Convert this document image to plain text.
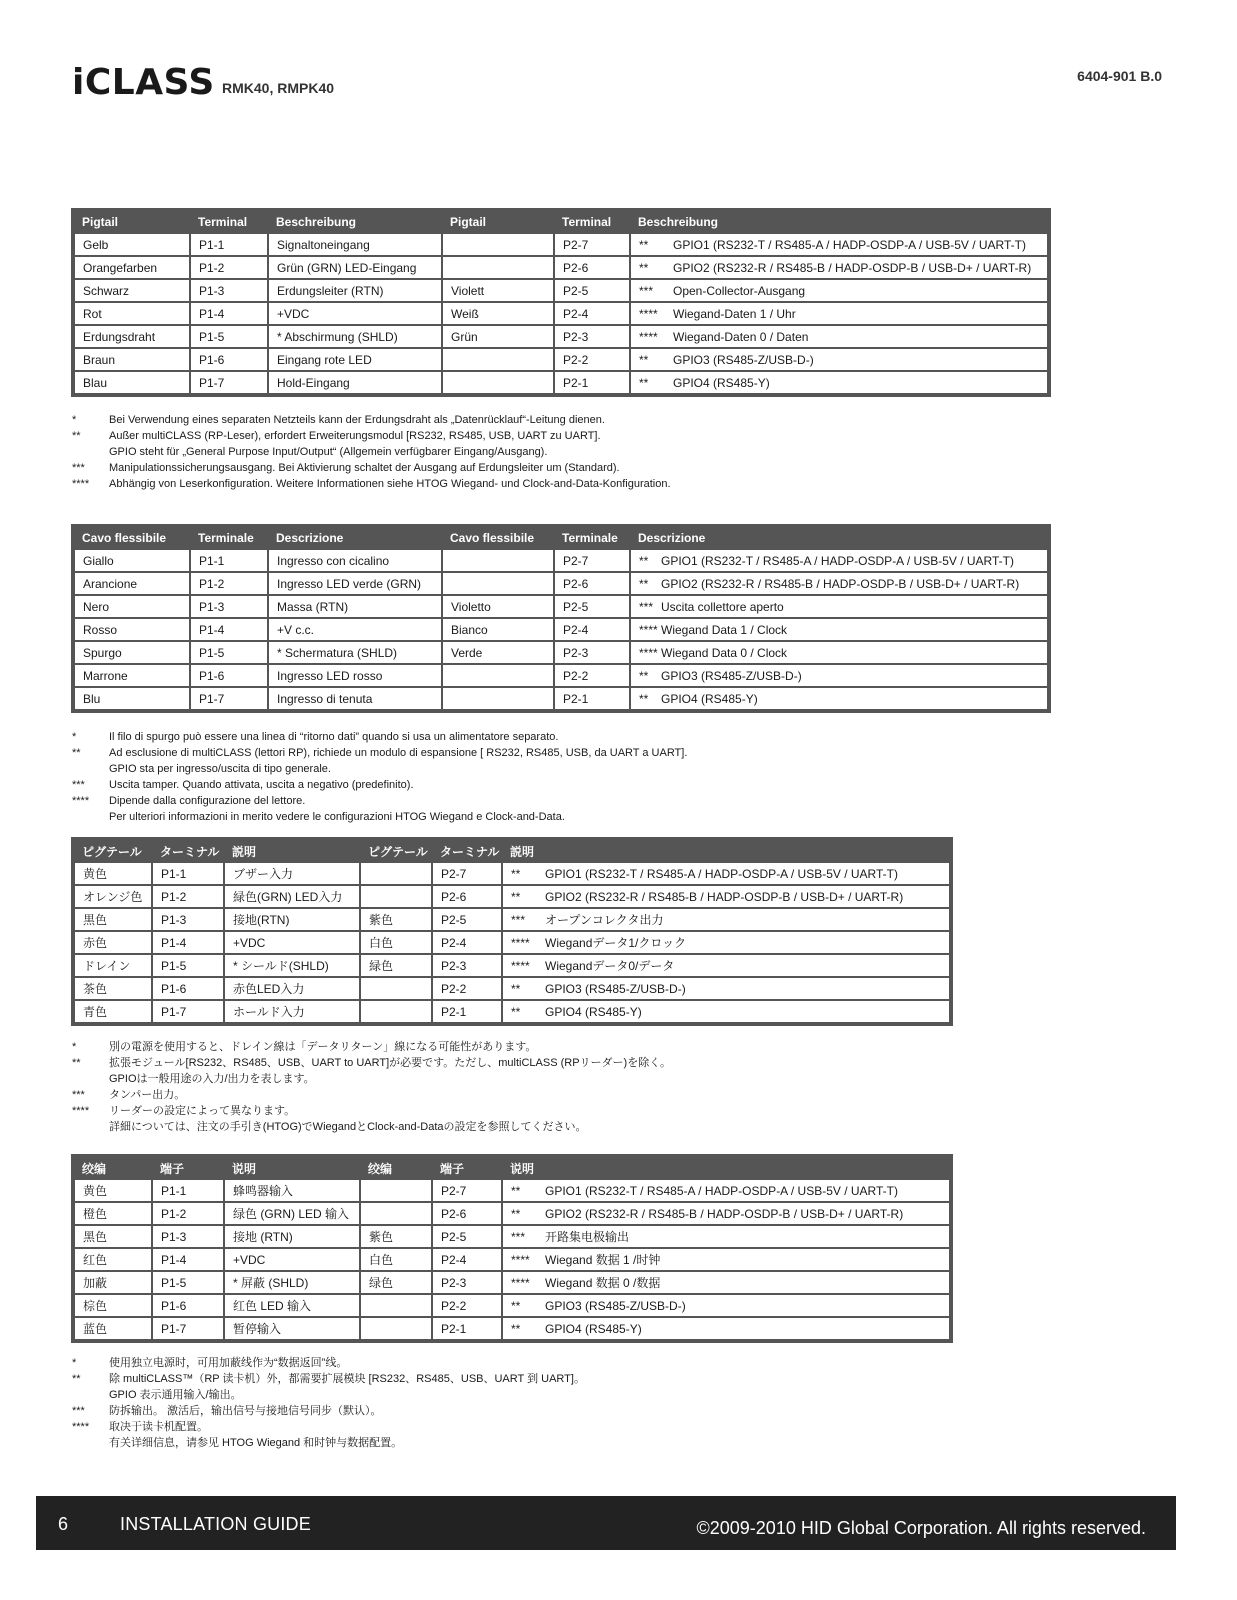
iCLASS RMK40, RMPK40
6404-901 B.0
Pigtail	Terminal	Beschreibung	Pigtail	Terminal	Beschreibung
Gelb	P1-1	Signaltoneingang		P2-7	** GPIO1 (RS232-T / RS485-A / HADP-OSDP-A / USB-5V / UART-T)
Orangefarben	P1-2	Grün (GRN) LED-Eingang		P2-6	** GPIO2 (RS232-R / RS485-B / HADP-OSDP-B / USB-D+ / UART-R)
Schwarz	P1-3	Erdungsleiter (RTN)	Violett	P2-5	*** Open-Collector-Ausgang
Rot	P1-4	+VDC	Weiß	P2-4	**** Wiegand-Daten 1 / Uhr
Erdungsdraht	P1-5	* Abschirmung (SHLD)	Grün	P2-3	**** Wiegand-Daten 0 / Daten
Braun	P1-6	Eingang rote LED		P2-2	** GPIO3 (RS485-Z/USB-D-)
Blau	P1-7	Hold-Eingang		P2-1	** GPIO4 (RS485-Y)
*	Bei Verwendung eines separaten Netzteils kann der Erdungsdraht als „Datenrücklauf“-Leitung dienen.
**	Außer multiCLASS (RP-Leser), erfordert Erweiterungsmodul [RS232, RS485, USB, UART zu UART].
GPIO steht für „General Purpose Input/Output“ (Allgemein verfügbarer Eingang/Ausgang).
***	Manipulationssicherungsausgang. Bei Aktivierung schaltet der Ausgang auf Erdungsleiter um (Standard).
****	Abhängig von Leserkonfiguration. Weitere Informationen siehe HTOG Wiegand- und Clock-and-Data-Konfiguration.
Cavo flessibile	Terminale	Descrizione	Cavo flessibile	Terminale	Descrizione
Giallo	P1-1	Ingresso con cicalino		P2-7	** GPIO1 (RS232-T / RS485-A / HADP-OSDP-A / USB-5V / UART-T)
Arancione	P1-2	Ingresso LED verde (GRN)		P2-6	** GPIO2 (RS232-R / RS485-B / HADP-OSDP-B / USB-D+ / UART-R)
Nero	P1-3	Massa (RTN)	Violetto	P2-5	*** Uscita collettore aperto
Rosso	P1-4	+V c.c.	Bianco	P2-4	**** Wiegand Data 1 / Clock
Spurgo	P1-5	* Schermatura (SHLD)	Verde	P2-3	**** Wiegand Data 0 / Clock
Marrone	P1-6	Ingresso LED rosso		P2-2	** GPIO3 (RS485-Z/USB-D-)
Blu	P1-7	Ingresso di tenuta		P2-1	** GPIO4 (RS485-Y)
*	Il filo di spurgo può essere una linea di “ritorno dati” quando si usa un alimentatore separato.
**	Ad esclusione di multiCLASS (lettori RP), richiede un modulo di espansione [ RS232, RS485, USB, da UART a UART].
GPIO sta per ingresso/uscita di tipo generale.
***	Uscita tamper. Quando attivata, uscita a negativo (predefinito).
****	Dipende dalla configurazione del lettore.
Per ulteriori informazioni in merito vedere le configurazioni HTOG Wiegand e Clock-and-Data.
ピグテール	ターミナル	説明	ピグテール	ターミナル	説明
黄色	P1-1	ブザー入力		P2-7	** GPIO1 (RS232-T / RS485-A / HADP-OSDP-A / USB-5V / UART-T)
オレンジ色	P1-2	緑色(GRN) LED入力		P2-6	** GPIO2 (RS232-R / RS485-B / HADP-OSDP-B / USB-D+ / UART-R)
黒色	P1-3	接地(RTN)	紫色	P2-5	*** オープンコレクタ出力
赤色	P1-4	+VDC	白色	P2-4	**** Wiegandデータ1/クロック
ドレイン	P1-5	* シールド(SHLD)	緑色	P2-3	**** Wiegandデータ0/データ
茶色	P1-6	赤色LED入力		P2-2	** GPIO3 (RS485-Z/USB-D-)
青色	P1-7	ホールド入力		P2-1	** GPIO4 (RS485-Y)
*	別の電源を使用すると、ドレイン線は「データリターン」線になる可能性があります。
**	拡張モジュール[RS232、RS485、USB、UART to UART]が必要です。ただし、multiCLASS (RPリーダー)を除く。
GPIOは一般用途の入力/出力を表します。
***	タンパー出力。
****	リーダーの設定によって異なります。
詳細については、注文の手引き(HTOG)でWiegandとClock-and-Dataの設定を参照してください。
绞编	端子	说明	绞编	端子	说明
黄色	P1-1	蜂鸣器输入		P2-7	** GPIO1 (RS232-T / RS485-A / HADP-OSDP-A / USB-5V / UART-T)
橙色	P1-2	绿色 (GRN) LED 输入		P2-6	** GPIO2 (RS232-R / RS485-B / HADP-OSDP-B / USB-D+ / UART-R)
黑色	P1-3	接地 (RTN)	紫色	P2-5	*** 开路集电极输出
红色	P1-4	+VDC	白色	P2-4	**** Wiegand 数据 1 /时钟
加蔽	P1-5	* 屏蔽 (SHLD)	绿色	P2-3	**** Wiegand 数据 0 /数据
棕色	P1-6	红色 LED 输入		P2-2	** GPIO3 (RS485-Z/USB-D-)
蓝色	P1-7	暂停输入		P2-1	** GPIO4 (RS485-Y)
*	使用独立电源时，可用加蔽线作为“数据返回”线。
**	除 multiCLASS™（RP 读卡机）外，都需要扩展模块 [RS232、RS485、USB、UART 到 UART]。
GPIO 表示通用输入/输出。
***	防拆输出。 激活后，输出信号与接地信号同步（默认）。
****	取决于读卡机配置。
有关详细信息，请参见 HTOG Wiegand 和时钟与数据配置。
6	INSTALLATION GUIDE	©2009-2010 HID Global Corporation. All rights reserved.
